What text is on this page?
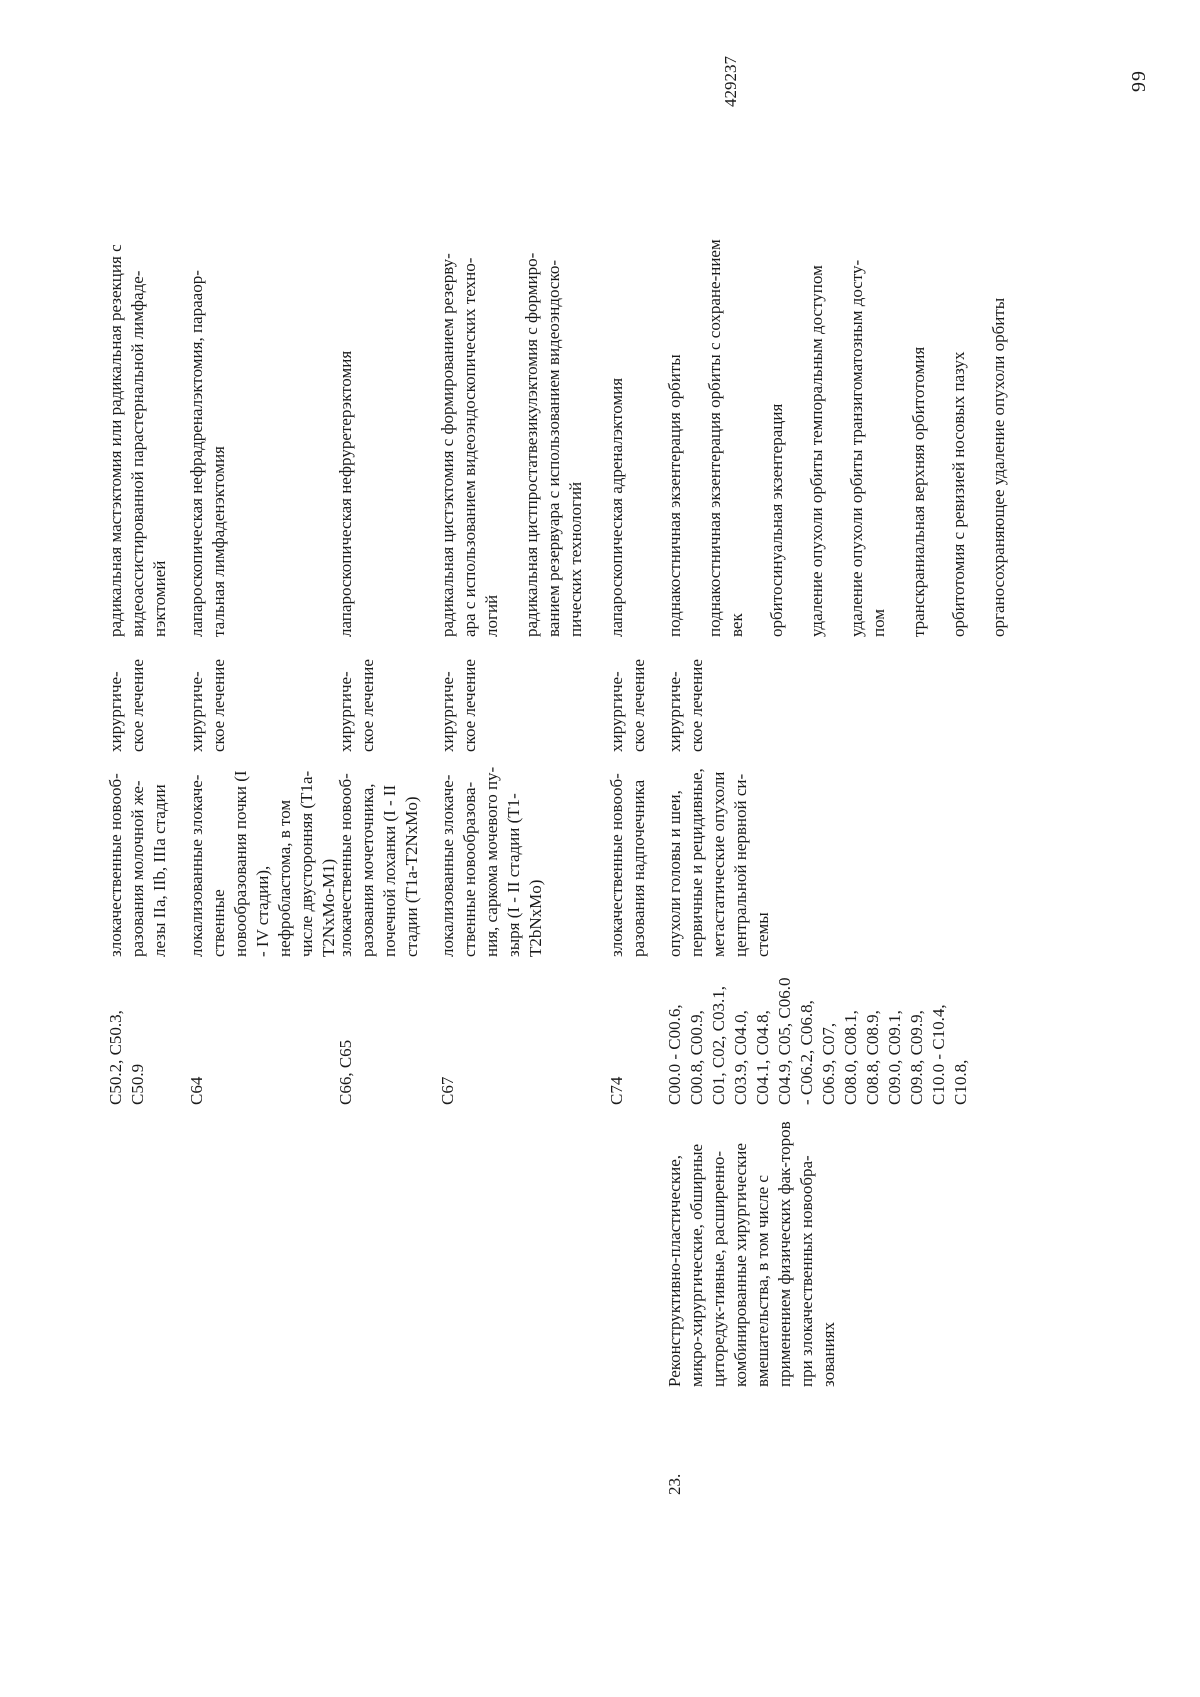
99
429237
C50.2, C50.3, C50.9
злокачественные новооб-разования молочной же-лезы IIa, IIb, IIIa стадии
хирургиче-ское лечение
радикальная мастэктомия или радикальная резекция с видеоассистированной парастернальной лимфаде-нэктомией
C64
локализованные злокаче-ственные новообразования почки (I - IV стадии), нефробластома, в том числе двусторонняя (T1a-T2NxMo-M1)
хирургиче-ское лечение
лапароскопическая нефрадреналэктомия, парааор-тальная лимфаденэктомия
C66, C65
злокачественные новооб-разования мочеточника, почечной лоханки (I - II стадии (T1a-T2NxMo)
хирургиче-ское лечение
лапароскопическая нефруретерэктомия
C67
локализованные злокаче-ственные новообразова-ния, саркома мочевого пу-зыря (I - II стадии (T1-T2bNxMo)
хирургиче-ское лечение
радикальная цистэктомия с формированием резерву-ара с использованием видеоэндоскопических техно-логий радикальная цистпростатвезикулэктомия с формиро-ванием резервуара с использованием видеоэндоско-пических технологий
C74
злокачественные новооб-разования надпочечника
хирургиче-ское лечение
лапароскопическая адреналэктомия
23.
Реконструктивно-пластические, микро-хирургические, обширные циторедук-тивные, расширенно-комбинированные хирургические вмешательства, в том числе с применением физических фак-торов при злокачественных новообра-зованиях
C00.0 - C00.6, C00.8, C00.9, C01, C02, C03.1, C03.9, C04.0, C04.1, C04.8, C04.9, C05, C06.0 - C06.2, C06.8, C06.9, C07, C08.0, C08.1, C08.8, C08.9, C09.0, C09.1, C09.8, C09.9, C10.0 - C10.4, C10.8,
опухоли головы и шеи, первичные и рецидивные, метастатические опухоли центральной нервной си-стемы
хирургиче-ское лечение
поднакостничная экзентерация орбиты поднакостничная экзентерация орбиты с сохране-нием век орбитосинуальная экзентерация удаление опухоли орбиты темпоральным доступом удаление опухоли орбиты транзигоматозным досту-пом транскраниальная верхняя орбитотомия орбитотомия с ревизией носовых пазух органосохраняющее удаление опухоли орбиты
